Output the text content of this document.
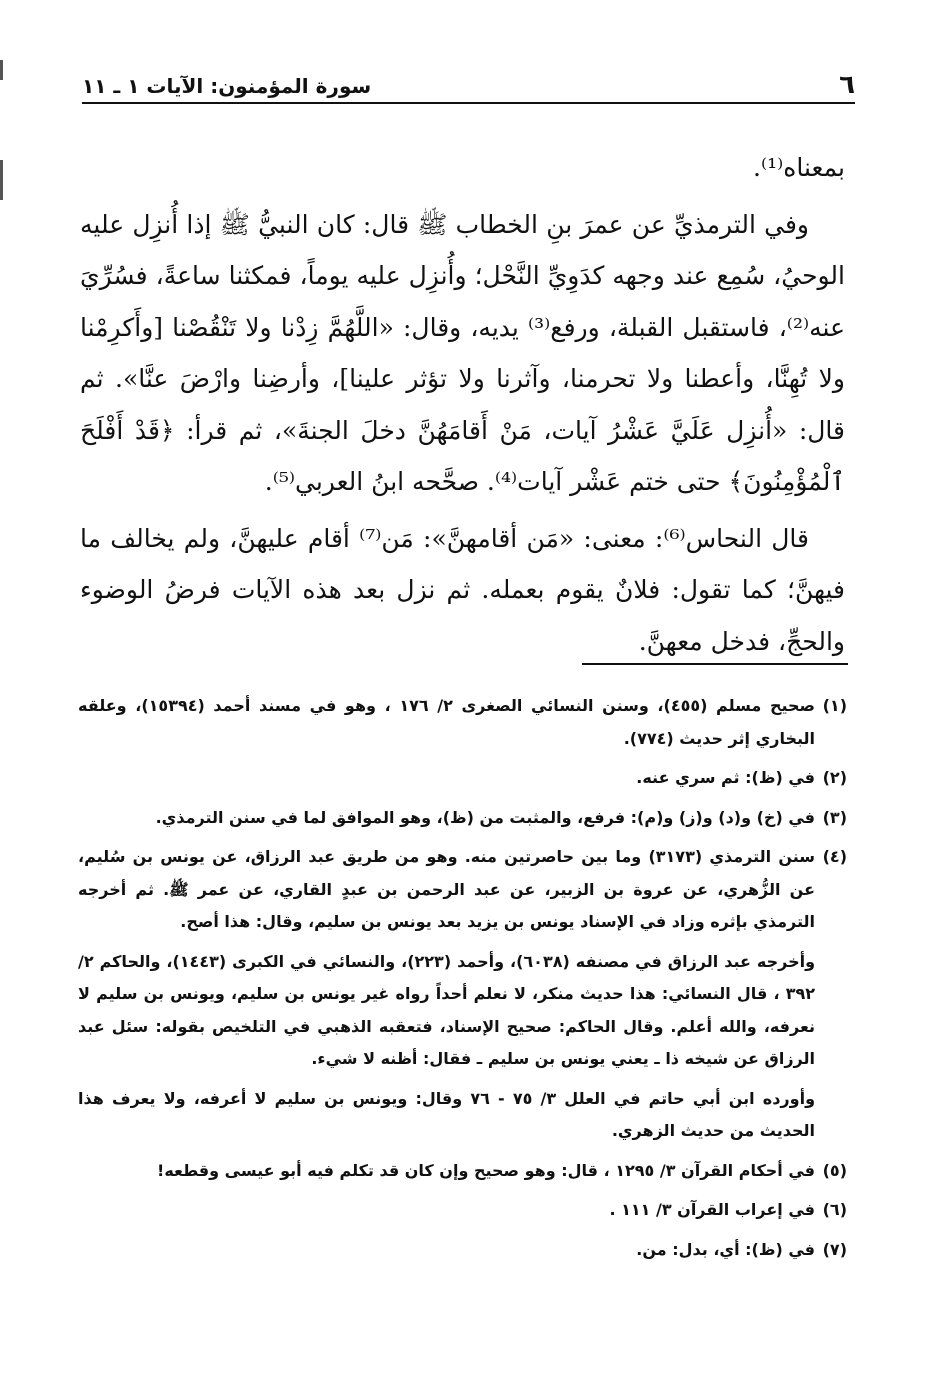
٦
سورة المؤمنون: الآيات ١ ـ ١١

بمعناه⁽¹⁾.

وفي الترمذيِّ عن عمرَ بنِ الخطاب ﷺ قال: كان النبيُّ ﷺ إذا أُنزِل عليه الوحيُ، سُمِع عند وجهه كدَوِيِّ النَّحْل؛ وأُنزِل عليه يوماً، فمكثنا ساعةً، فسُرِّيَ عنه⁽²⁾، فاستقبل القبلة، ورفع⁽³⁾ يديه، وقال: «اللَّهُمَّ زِدْنا ولا تَنْقُصْنا [وأَكرِمْنا ولا تُهِنَّا، وأعطنا ولا تحرمنا، وآثرنا ولا تؤثر علينا]، وأرضِنا وارْضَ عنَّا». ثم قال: «أُنزِل عَلَيَّ عَشْرُ آيات، مَنْ أَقامَهُنَّ دخلَ الجنةَ»، ثم قرأ: ﴿قَدْ أَفْلَحَ ٱلْمُؤْمِنُونَ﴾ حتى ختم عَشْر آيات⁽⁴⁾. صحَّحه ابنُ العربي⁽⁵⁾.

قال النحاس⁽⁶⁾: معنى: «مَن أقامهنَّ»: مَن⁽⁷⁾ أقام عليهنَّ، ولم يخالف ما فيهنَّ؛ كما تقول: فلانٌ يقوم بعمله. ثم نزل بعد هذه الآيات فرضُ الوضوء والحجِّ، فدخل معهنَّ.

(١)
صحيح مسلم (٤٥٥)، وسنن النسائي الصغرى ٢/ ١٧٦ ، وهو في مسند أحمد (١٥٣٩٤)، وعلقه البخاري إثر حديث (٧٧٤).
(٢)
في (ظ): ثم سري عنه.
(٣)
في (خ) و(د) و(ز) و(م): فرفع، والمثبت من (ظ)، وهو الموافق لما في سنن الترمذي.
(٤)
سنن الترمذي (٣١٧٣) وما بين حاصرتين منه. وهو من طريق عبد الرزاق، عن يونس بن سُليم، عن الزُّهري، عن عروة بن الزبير، عن عبد الرحمن بن عبدٍ القاري، عن عمر ﷺ. ثم أخرجه الترمذي بإثره وزاد في الإسناد يونس بن يزيد بعد يونس بن سليم، وقال: هذا أصح.
وأخرجه عبد الرزاق في مصنفه (٦٠٣٨)، وأحمد (٢٢٣)، والنسائي في الكبرى (١٤٤٣)، والحاكم ٢/ ٣٩٢ ، قال النسائي: هذا حديث منكر، لا نعلم أحداً رواه غير يونس بن سليم، ويونس بن سليم لا نعرفه، والله أعلم. وقال الحاكم: صحيح الإسناد، فتعقبه الذهبي في التلخيص بقوله: سئل عبد الرزاق عن شيخه ذا ـ يعني يونس بن سليم ـ فقال: أظنه لا شيء.
وأورده ابن أبي حاتم في العلل ٣/ ٧٥ - ٧٦ وقال: ويونس بن سليم لا أعرفه، ولا يعرف هذا الحديث من حديث الزهري.
(٥)
في أحكام القرآن ٣/ ١٢٩٥ ، قال: وهو صحيح وإن كان قد تكلم فيه أبو عيسى وقطعه!
(٦)
في إعراب القرآن ٣/ ١١١ .
(٧)
في (ظ): أي، بدل: من.
